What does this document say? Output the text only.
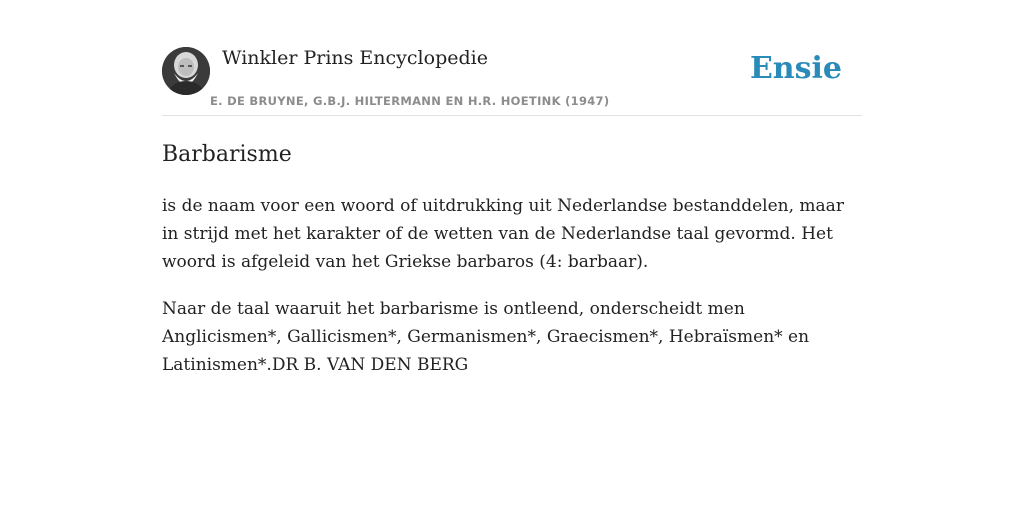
Winkler Prins Encyclopedie
E. DE BRUYNE, G.B.J. HILTERMANN EN H.R. HOETINK (1947)
Ensie
Barbarisme

is de naam voor een woord of uitdrukking uit Nederlandse bestanddelen, maar in strijd met het karakter of de wetten van de Nederlandse taal gevormd. Het woord is afgeleid van het Griekse barbaros (4: barbaar).

Naar de taal waaruit het barbarisme is ontleend, onderscheidt men Anglicismen*, Gallicismen*, Germanismen*, Graecismen*, Hebraïsmen* en Latinismen*.DR B. VAN DEN BERG
